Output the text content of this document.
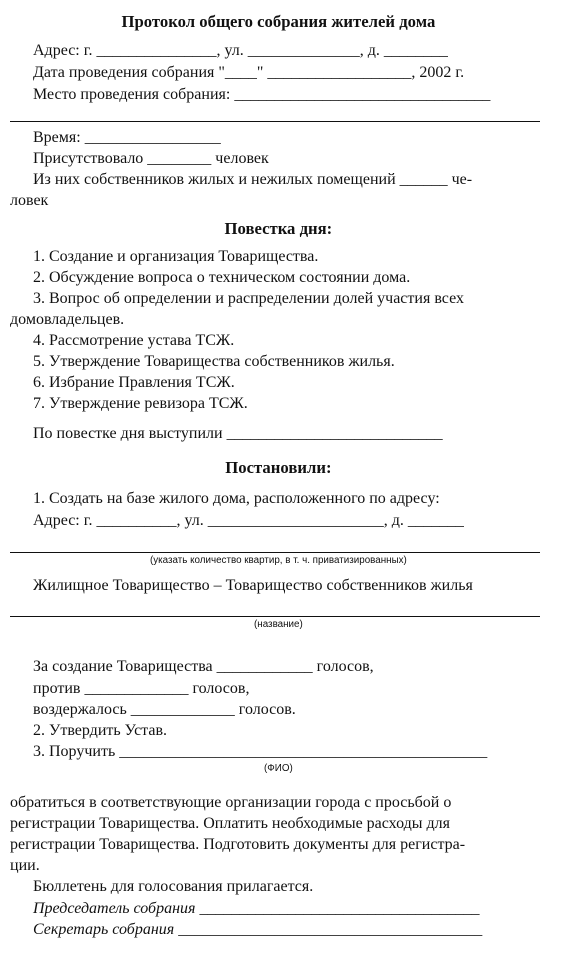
Протокол общего собрания жителей дома
Адрес: г. _______________, ул. ______________, д. ________
Дата проведения собрания "____" __________________, 2002 г.
Место проведения собрания: ________________________________
Время: _________________
Присутствовало ________ человек
Из них собственников жилых и нежилых помещений ______ че-
ловек
Повестка дня:
1. Создание и организация Товарищества.
2. Обсуждение вопроса о техническом состоянии дома.
3. Вопрос об определении и распределении долей участия всех
домовладельцев.
4. Рассмотрение устава ТСЖ.
5. Утверждение Товарищества собственников жилья.
6. Избрание Правления ТСЖ.
7. Утверждение ревизора ТСЖ.
По повестке дня выступили ___________________________
Постановили:
1. Создать на базе жилого дома, расположенного по адресу:
Адрес: г. __________, ул. ______________________, д. _______
(указать количество квартир, в т. ч. приватизированных)
Жилищное Товарищество – Товарищество собственников жилья
(название)
За создание Товарищества ____________ голосов,
против _____________ голосов,
воздержалось _____________ голосов.
2. Утвердить Устав.
3. Поручить ______________________________________________
(ФИО)
обратиться в соответствующие организации города с просьбой о
регистрации Товарищества. Оплатить необходимые расходы для
регистрации Товарищества. Подготовить документы для регистра-
ции.
Бюллетень для голосования прилагается.
Председатель собрания ___________________________________
Секретарь собрания ______________________________________
